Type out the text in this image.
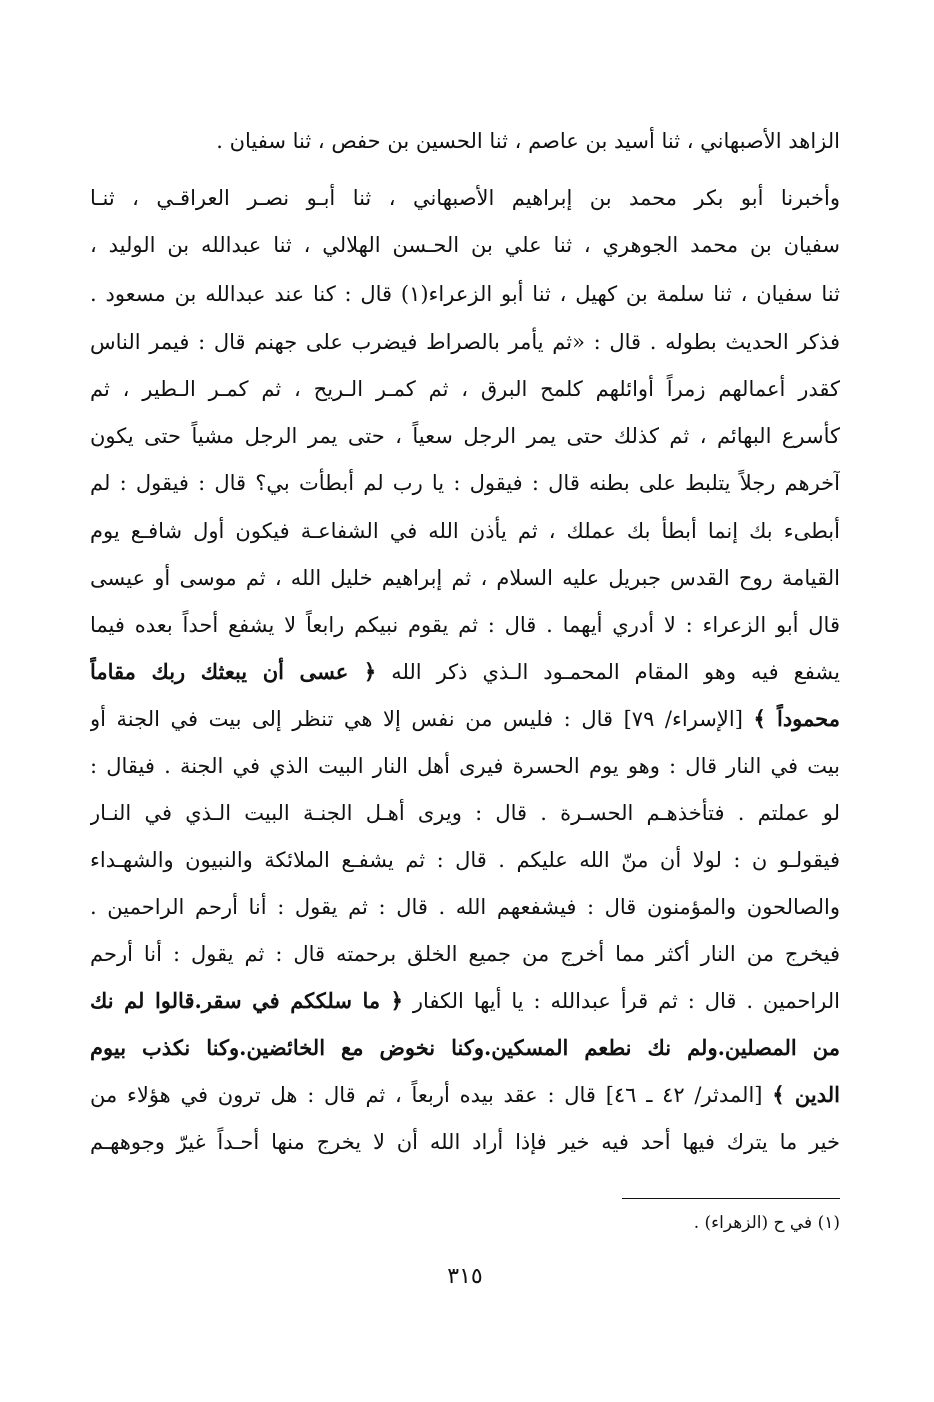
الزاهد الأصبهاني ، ثنا أسيد بن عاصم ، ثنا الحسين بن حفص ، ثنا سفيان .
وأخبرنا أبو بكر محمد بن إبراهيم الأصبهاني ، ثنا أبـو نصـر العراقـي ، ثنـا
سفيان بن محمد الجوهري ، ثنا علي بن الحـسن الهلالي ، ثنا عبدالله بن الوليد ،
ثنا سفيان ، ثنا سلمة بن كهيل ، ثنا أبو الزعراء(١) قال : كنا عند عبدالله بن مسعود .
فذكر الحديث بطوله . قال : «ثم يأمر بالصراط فيضرب على جهنم قال : فيمر الناس
كقدر أعمالهم زمراً أوائلهم كلمح البرق ، ثم كمـر الـريح ، ثم كمـر الـطير ، ثم
كأسرع البهائم ، ثم كذلك حتى يمر الرجل سعياً ، حتى يمر الرجل مشياً حتى يكون
آخرهم رجلاً يتلبط على بطنه قال : فيقول : يا رب لم أبطأت بي؟ قال : فيقول : لم
أبطىء بك إنما أبطأ بك عملك ، ثم يأذن الله في الشفاعـة فيكون أول شافـع يوم
القيامة روح القدس جبريل عليه السلام ، ثم إبراهيم خليل الله ، ثم موسى أو عيسى
قال أبو الزعراء : لا أدري أيهما . قال : ثم يقوم نبيكم رابعاً لا يشفع أحداً بعده فيما
يشفع فيه وهو المقام المحمـود الـذي ذكر الله ﴿ عسى أن يبعثك ربك مقاماً
محموداً ﴾ [الإسراء/ ٧٩] قال : فليس من نفس إلا هي تنظر إلى بيت في الجنة أو
بيت في النار قال : وهو يوم الحسرة فيرى أهل النار البيت الذي في الجنة . فيقال :
لو عملتم . فتأخذهـم الحسـرة . قال : ويرى أهـل الجنـة البيت الـذي في النـار
فيقولـو ن : لولا أن منّ الله عليكم . قال : ثم يشفـع الملائكة والنبيون والشهـداء
والصالحون والمؤمنون قال : فيشفعهم الله . قال : ثم يقول : أنا أرحم الراحمين .
فيخرج من النار أكثر مما أخرج من جميع الخلق برحمته قال : ثم يقول : أنا أرحم
الراحمين . قال : ثم قرأ عبدالله : يا أيها الكفار ﴿ ما سلككم في سقر.قالوا لم نك
من المصلين.ولم نك نطعم المسكين.وكنا نخوض مع الخائضين.وكنا نكذب بيوم
الدين ﴾ [المدثر/ ٤٢ ـ ٤٦] قال : عقد بيده أربعاً ، ثم قال : هل ترون في هؤلاء من
خير ما يترك فيها أحد فيه خير فإذا أراد الله أن لا يخرج منها أحـداً غيرّ وجوههـم
(١) في ح (الزهراء) .
٣١٥
